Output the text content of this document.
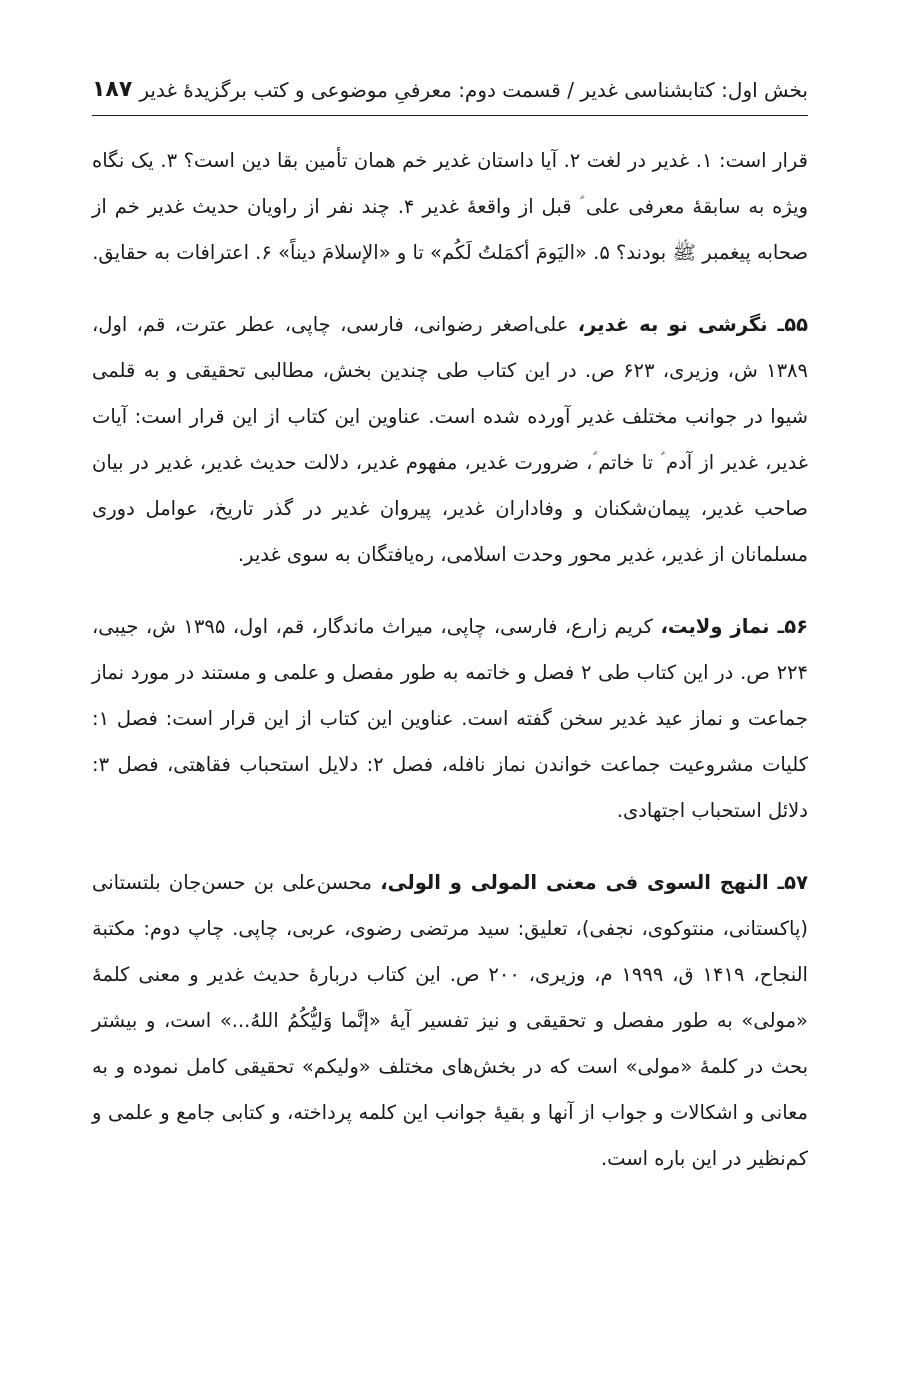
بخش اول: کتابشناسی غدیر / قسمت دوم: معرفیِ موضوعی و کتب برگزیدهٔ غدیر
۱۸۷

قرار است: ۱. غدیر در لغت ۲. آیا داستان غدیر خم همان تأمین بقا دین است؟ ۳. یک نگاه ویژه به سابقهٔ معرفی علی ؑ قبل از واقعهٔ غدیر ۴. چند نفر از راویان حدیث غدیر خم از صحابه پیغمبر ﷺ بودند؟ ۵. «الیَومَ أکمَلتُ لَکُم» تا و «الإسلامَ دیناً» ۶. اعترافات به حقایق.

۵۵ـ نگرشی نو به غدیر، علی‌اصغر رضوانی، فارسی، چاپی، عطر عترت، قم، اول، ۱۳۸۹ ش، وزیری، ۶۲۳ ص. در این کتاب طی چندین بخش، مطالبی تحقیقی و به قلمی شیوا در جوانب مختلف غدیر آورده شده است. عناوین این کتاب از این قرار است: آیات غدیر، غدیر از آدم ؑ تا خاتم ؑ، ضرورت غدیر، مفهوم غدیر، دلالت حدیث غدیر، غدیر در بیان صاحب غدیر، پیمان‌شکنان و وفاداران غدیر، پیروان غدیر در گذر تاریخ، عوامل دوری مسلمانان از غدیر، غدیر محور وحدت اسلامی، ره‌یافتگان به سوی غدیر.

۵۶ـ نماز ولایت، کریم زارع، فارسی، چاپی، میراث ماندگار، قم، اول، ۱۳۹۵ ش، جیبی، ۲۲۴ ص. در این کتاب طی ۲ فصل و خاتمه به طور مفصل و علمی و مستند در مورد نماز جماعت و نماز عید غدیر سخن گفته است. عناوین این کتاب از این قرار است: فصل ۱: کلیات مشروعیت جماعت خواندن نماز نافله، فصل ۲: دلایل استحباب فقاهتی، فصل ۳: دلائل استحباب اجتهادی.

۵۷ـ النهج السوی فی معنی المولی و الولی، محسن‌علی بن حسن‌جان بلتستانی (پاکستانی، منتوکوی، نجفی)، تعلیق: سید مرتضی رضوی، عربی، چاپی. چاپ دوم: مکتبة النجاح، ۱۴۱۹ ق، ۱۹۹۹ م، وزیری، ۲۰۰ ص. این کتاب دربارهٔ حدیث غدیر و معنی کلمهٔ «مولی» به طور مفصل و تحقیقی و نیز تفسیر آیهٔ «إنَّما وَلیُّکُمُ اللهُ...» است، و بیشتر بحث در کلمهٔ «مولی» است که در بخش‌های مختلف «ولیکم» تحقیقی کامل نموده و به معانی و اشکالات و جواب از آنها و بقیهٔ جوانب این کلمه پرداخته، و کتابی جامع و علمی و کم‌نظیر در این باره است.
